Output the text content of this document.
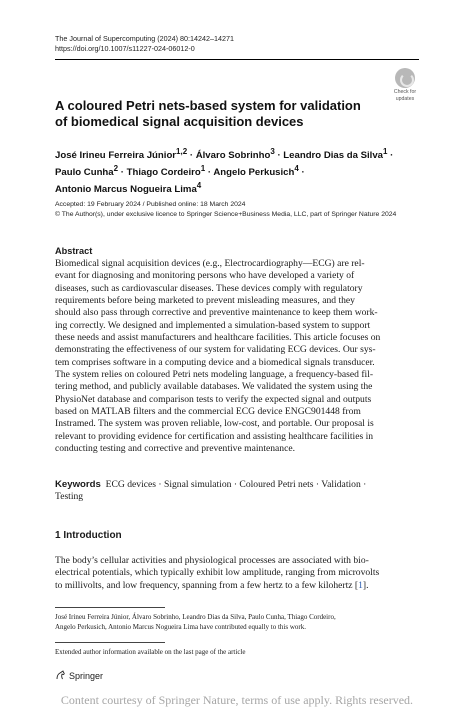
The Journal of Supercomputing (2024) 80:14242–14271
https://doi.org/10.1007/s11227-024-06012-0
Check for
updates
A coloured Petri nets-based system for validation
of biomedical signal acquisition devices
José Irineu Ferreira Júnior$^{1,2}$ · Álvaro Sobrinho$^3$ · Leandro Dias da Silva$^1$ ·
Paulo Cunha$^2$ · Thiago Cordeiro$^1$ · Angelo Perkusich$^4$ ·
Antonio Marcus Nogueira Lima$^4$
Accepted: 19 February 2024 / Published online: 18 March 2024
© The Author(s), under exclusive licence to Springer Science+Business Media, LLC, part of Springer Nature 2024
Abstract
Biomedical signal acquisition devices (e.g., Electrocardiography—ECG) are rel-
evant for diagnosing and monitoring persons who have developed a variety of
diseases, such as cardiovascular diseases. These devices comply with regulatory
requirements before being marketed to prevent misleading measures, and they
should also pass through corrective and preventive maintenance to keep them work-
ing correctly. We designed and implemented a simulation-based system to support
these needs and assist manufacturers and healthcare facilities. This article focuses on
demonstrating the effectiveness of our system for validating ECG devices. Our sys-
tem comprises software in a computing device and a biomedical signals transducer.
The system relies on coloured Petri nets modeling language, a frequency-based fil-
tering method, and publicly available databases. We validated the system using the
PhysioNet database and comparison tests to verify the expected signal and outputs
based on MATLAB filters and the commercial ECG device ENGC901448 from
Instramed. The system was proven reliable, low-cost, and portable. Our proposal is
relevant to providing evidence for certification and assisting healthcare facilities in
conducting testing and corrective and preventive maintenance.
Keywords ECG devices · Signal simulation · Coloured Petri nets · Validation ·
Testing
1 Introduction
The body’s cellular activities and physiological processes are associated with bio-
electrical potentials, which typically exhibit low amplitude, ranging from microvolts
to millivolts, and low frequency, spanning from a few hertz to a few kilohertz [1].
José Irineu Ferreira Júnior, Álvaro Sobrinho, Leandro Dias da Silva, Paulo Cunha, Thiago Cordeiro,
Angelo Perkusich, Antonio Marcus Nogueira Lima have contributed equally to this work.
Extended author information available on the last page of the article
Springer
Content courtesy of Springer Nature, terms of use apply. Rights reserved.
